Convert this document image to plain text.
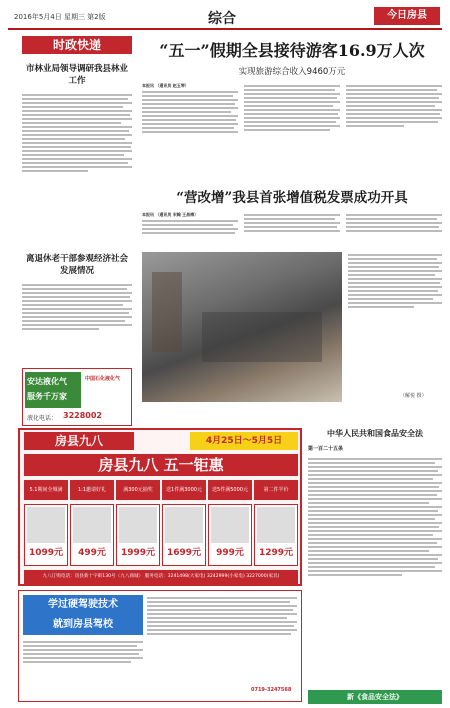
2016年5月4日 星期三 第2版	综合	今日房县
时政快递
市林业局领导调研我县林业工作
离退休老干部参观经济社会发展情况
安达液化气
服务千万家
中国石化液化气
液化电话： 3228002
“五一”假期全县接待游客16.9万人次
实现旅游综合收入9460万元
本报讯 （通讯员 赵玉琴）
“营改增”我县首张增值税发票成功开具
本报讯 （通讯员 宋翰 王昌梅）
（解悦 摄）
房县九八	4月25日～5月5日
房县九八 五一钜惠
5.1期间全城满	1:1邀请好礼	满300元抽奖	送1件满3000元	送5件满5000元	第二件半价
1099元	499元	1999元	1699元	999元	1299元
九八订购电话：房县新十字街130号（九八商城） 服务电话：3241498(大家电) 3242999(小家电) 3227000(家具)
学过硬驾驶技术
就到房县驾校
0719-3247568
中华人民共和国食品安全法
第一百二十五条
新《食品安全法》
